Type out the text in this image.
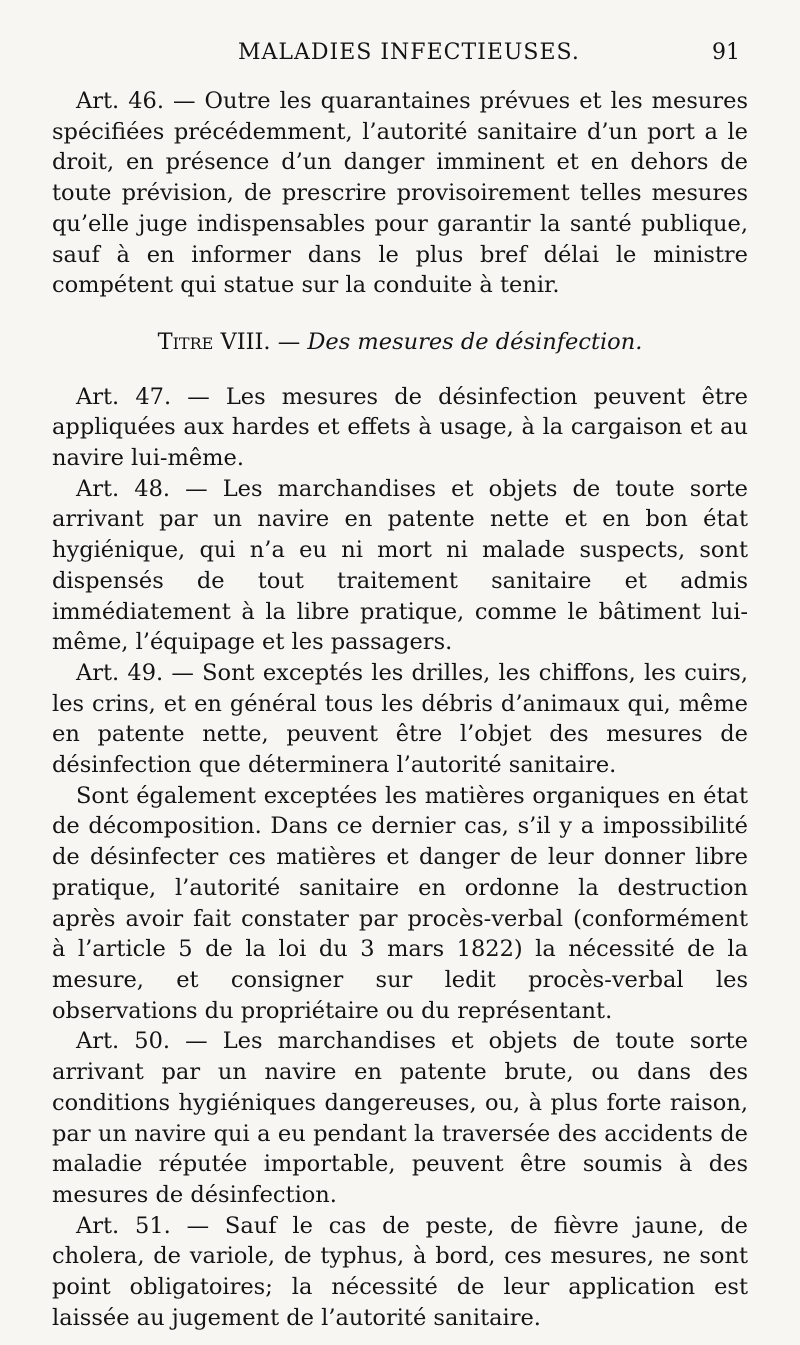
MALADIES INFECTIEUSES.	91

Art. 46. — Outre les quarantaines prévues et les mesures spécifiées précédemment, l’autorité sanitaire d’un port a le droit, en présence d’un danger imminent et en dehors de toute prévision, de prescrire provisoirement telles mesures qu’elle juge indispensables pour garantir la santé publique, sauf à en informer dans le plus bref délai le ministre compétent qui statue sur la conduite à tenir.

Titre VIII. — Des mesures de désinfection.

Art. 47. — Les mesures de désinfection peuvent être appliquées aux hardes et effets à usage, à la cargaison et au navire lui-même.

Art. 48. — Les marchandises et objets de toute sorte arrivant par un navire en patente nette et en bon état hygiénique, qui n’a eu ni mort ni malade suspects, sont dispensés de tout traitement sanitaire et admis immédiatement à la libre pratique, comme le bâtiment lui-même, l’équipage et les passagers.

Art. 49. — Sont exceptés les drilles, les chiffons, les cuirs, les crins, et en général tous les débris d’animaux qui, même en patente nette, peuvent être l’objet des mesures de désinfection que déterminera l’autorité sanitaire.

Sont également exceptées les matières organiques en état de décomposition. Dans ce dernier cas, s’il y a impossibilité de désinfecter ces matières et danger de leur donner libre pratique, l’autorité sanitaire en ordonne la destruction après avoir fait constater par procès-verbal (conformément à l’article 5 de la loi du 3 mars 1822) la nécessité de la mesure, et consigner sur ledit procès-verbal les observations du propriétaire ou du représentant.

Art. 50. — Les marchandises et objets de toute sorte arrivant par un navire en patente brute, ou dans des conditions hygiéniques dangereuses, ou, à plus forte raison, par un navire qui a eu pendant la traversée des accidents de maladie réputée importable, peuvent être soumis à des mesures de désinfection.

Art. 51. — Sauf le cas de peste, de fièvre jaune, de cholera, de variole, de typhus, à bord, ces mesures, ne sont point obligatoires; la nécessité de leur application est laissée au jugement de l’autorité sanitaire.
